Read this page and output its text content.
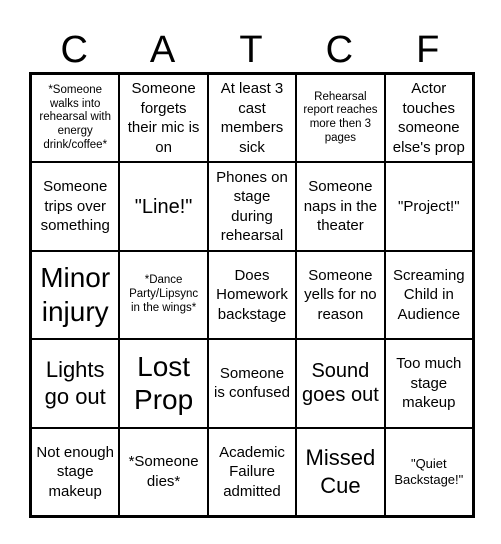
C	A	T	C	F
*Someone walks into rehearsal with energy drink/coffee*
Someone forgets their mic is on
At least 3 cast members sick
Rehearsal report reaches more then 3 pages
Actor touches someone else's prop
Someone trips over something
"Line!"
Phones on stage during rehearsal
Someone naps in the theater
"Project!"
Minor injury
*Dance Party/Lipsync in the wings*
Does Homework backstage
Someone yells for no reason
Screaming Child in Audience
Lights go out
Lost Prop
Someone is confused
Sound goes out
Too much stage makeup
Not enough stage makeup
*Someone dies*
Academic Failure admitted
Missed Cue
"Quiet Backstage!"
